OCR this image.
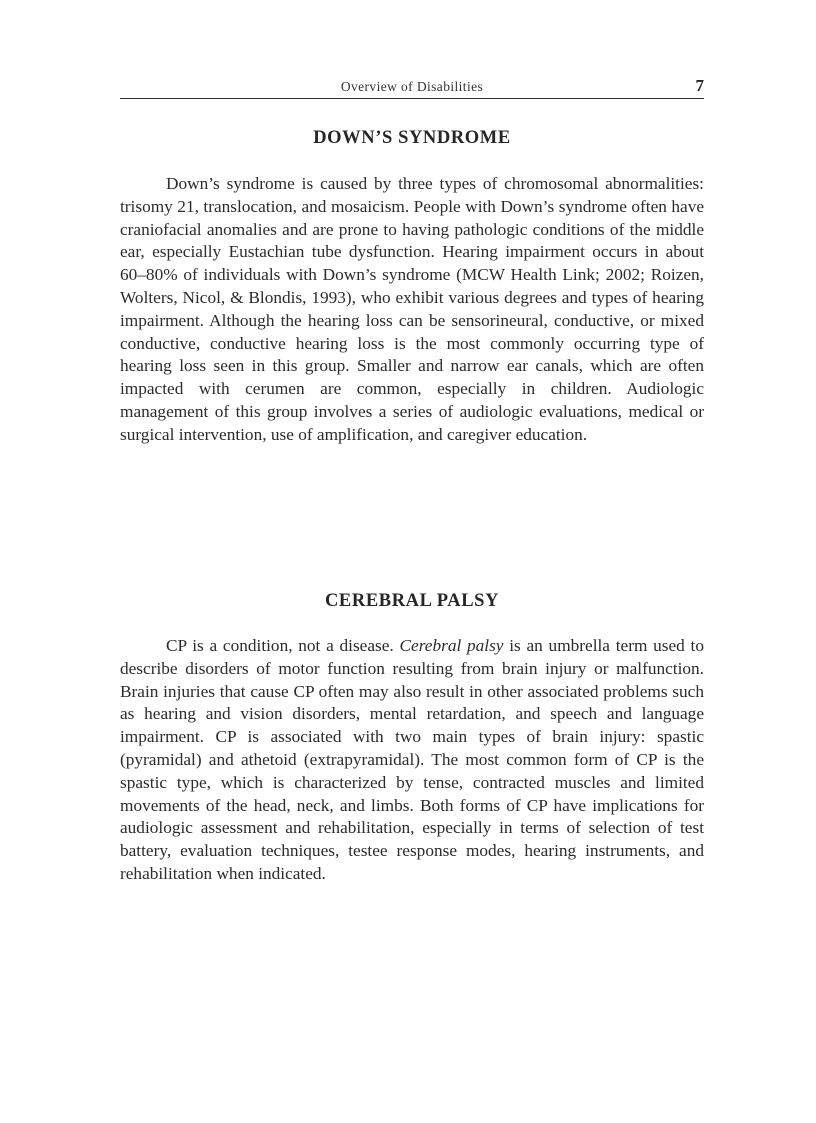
Overview of Disabilities	7
DOWN’S SYNDROME

Down’s syndrome is caused by three types of chromosomal abnormalities: trisomy 21, translocation, and mosaicism. People with Down’s syndrome often have craniofacial anomalies and are prone to having pathologic conditions of the middle ear, especially Eustachian tube dysfunction. Hearing impairment occurs in about 60–80% of individuals with Down’s syndrome (MCW Health Link; 2002; Roizen, Wolters, Nicol, & Blondis, 1993), who exhibit various degrees and types of hearing impairment. Although the hearing loss can be sensorineural, conductive, or mixed conductive, conductive hearing loss is the most commonly occurring type of hearing loss seen in this group. Smaller and narrow ear canals, which are often impacted with cerumen are common, especially in children. Audiologic management of this group involves a series of audiologic evaluations, medical or surgical intervention, use of amplification, and caregiver education.

CEREBRAL PALSY

CP is a condition, not a disease. Cerebral palsy is an umbrella term used to describe disorders of motor function resulting from brain injury or malfunction. Brain injuries that cause CP often may also result in other associated problems such as hearing and vision disorders, mental retardation, and speech and language impairment. CP is associated with two main types of brain injury: spastic (pyramidal) and athetoid (extrapyramidal). The most common form of CP is the spastic type, which is characterized by tense, contracted muscles and limited movements of the head, neck, and limbs. Both forms of CP have implications for audiologic assessment and rehabilitation, especially in terms of selection of test battery, evaluation techniques, testee response modes, hearing instruments, and rehabilitation when indicated.
